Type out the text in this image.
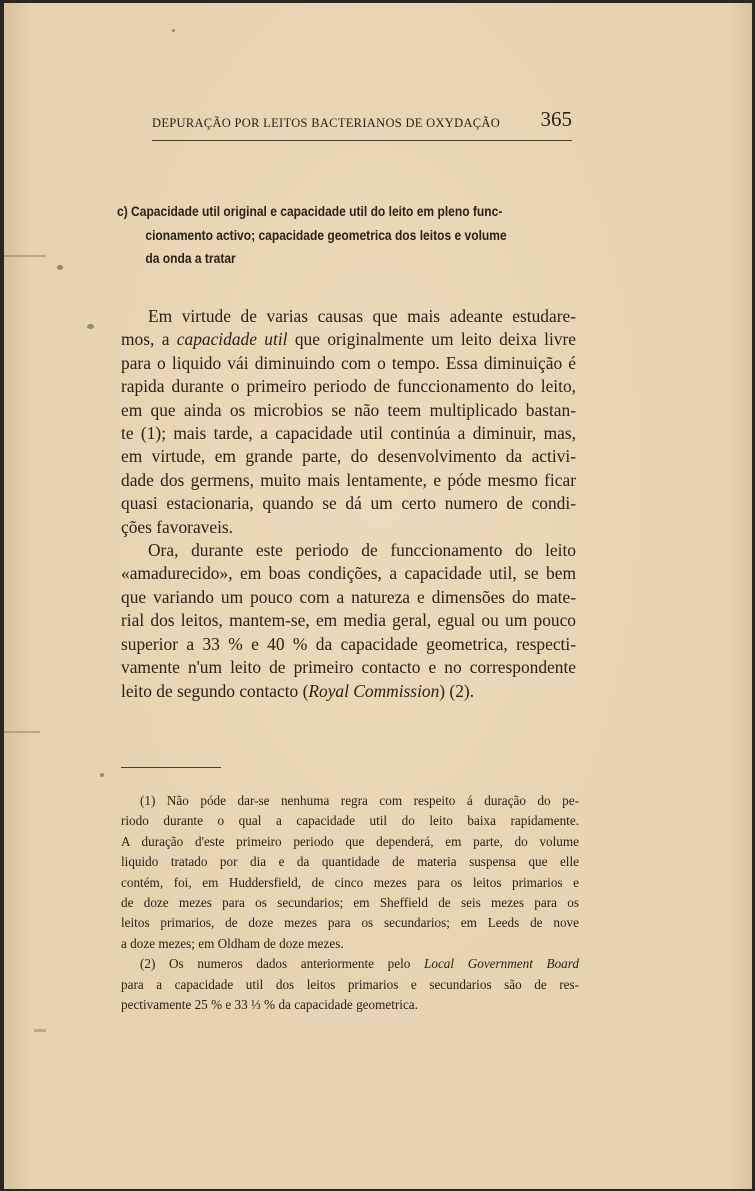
DEPURAÇÃO POR LEITOS BACTERIANOS DE OXYDAÇÃO 365
c) Capacidade util original e capacidade util do leito em pleno func-
cionamento activo; capacidade geometrica dos leitos e volume
da onda a tratar

Em virtude de varias causas que mais adeante estudare-
mos, a capacidade util que originalmente um leito deixa livre
para o liquido vái diminuindo com o tempo. Essa diminuição é
rapida durante o primeiro periodo de funccionamento do leito,
em que ainda os microbios se não teem multiplicado bastan-
te (1); mais tarde, a capacidade util continúa a diminuir, mas,
em virtude, em grande parte, do desenvolvimento da activi-
dade dos germens, muito mais lentamente, e póde mesmo ficar
quasi estacionaria, quando se dá um certo numero de condi-
ções favoraveis.

Ora, durante este periodo de funccionamento do leito
«amadurecido», em boas condições, a capacidade util, se bem
que variando um pouco com a natureza e dimensões do mate-
rial dos leitos, mantem-se, em media geral, egual ou um pouco
superior a 33 % e 40 % da capacidade geometrica, respecti-
vamente n'um leito de primeiro contacto e no correspondente
leito de segundo contacto (Royal Commission) (2).

(1) Não póde dar-se nenhuma regra com respeito á duração do pe-
riodo durante o qual a capacidade util do leito baixa rapidamente.
A duração d'este primeiro periodo que dependerá, em parte, do volume
liquido tratado por dia e da quantidade de materia suspensa que elle
contém, foi, em Huddersfield, de cinco mezes para os leitos primarios e
de doze mezes para os secundarios; em Sheffield de seis mezes para os
leitos primarios, de doze mezes para os secundarios; em Leeds de nove
a doze mezes; em Oldham de doze mezes.
(2) Os numeros dados anteriormente pelo Local Government Board
para a capacidade util dos leitos primarios e secundarios são de res-
pectivamente 25 % e 33 ⅓ % da capacidade geometrica.
